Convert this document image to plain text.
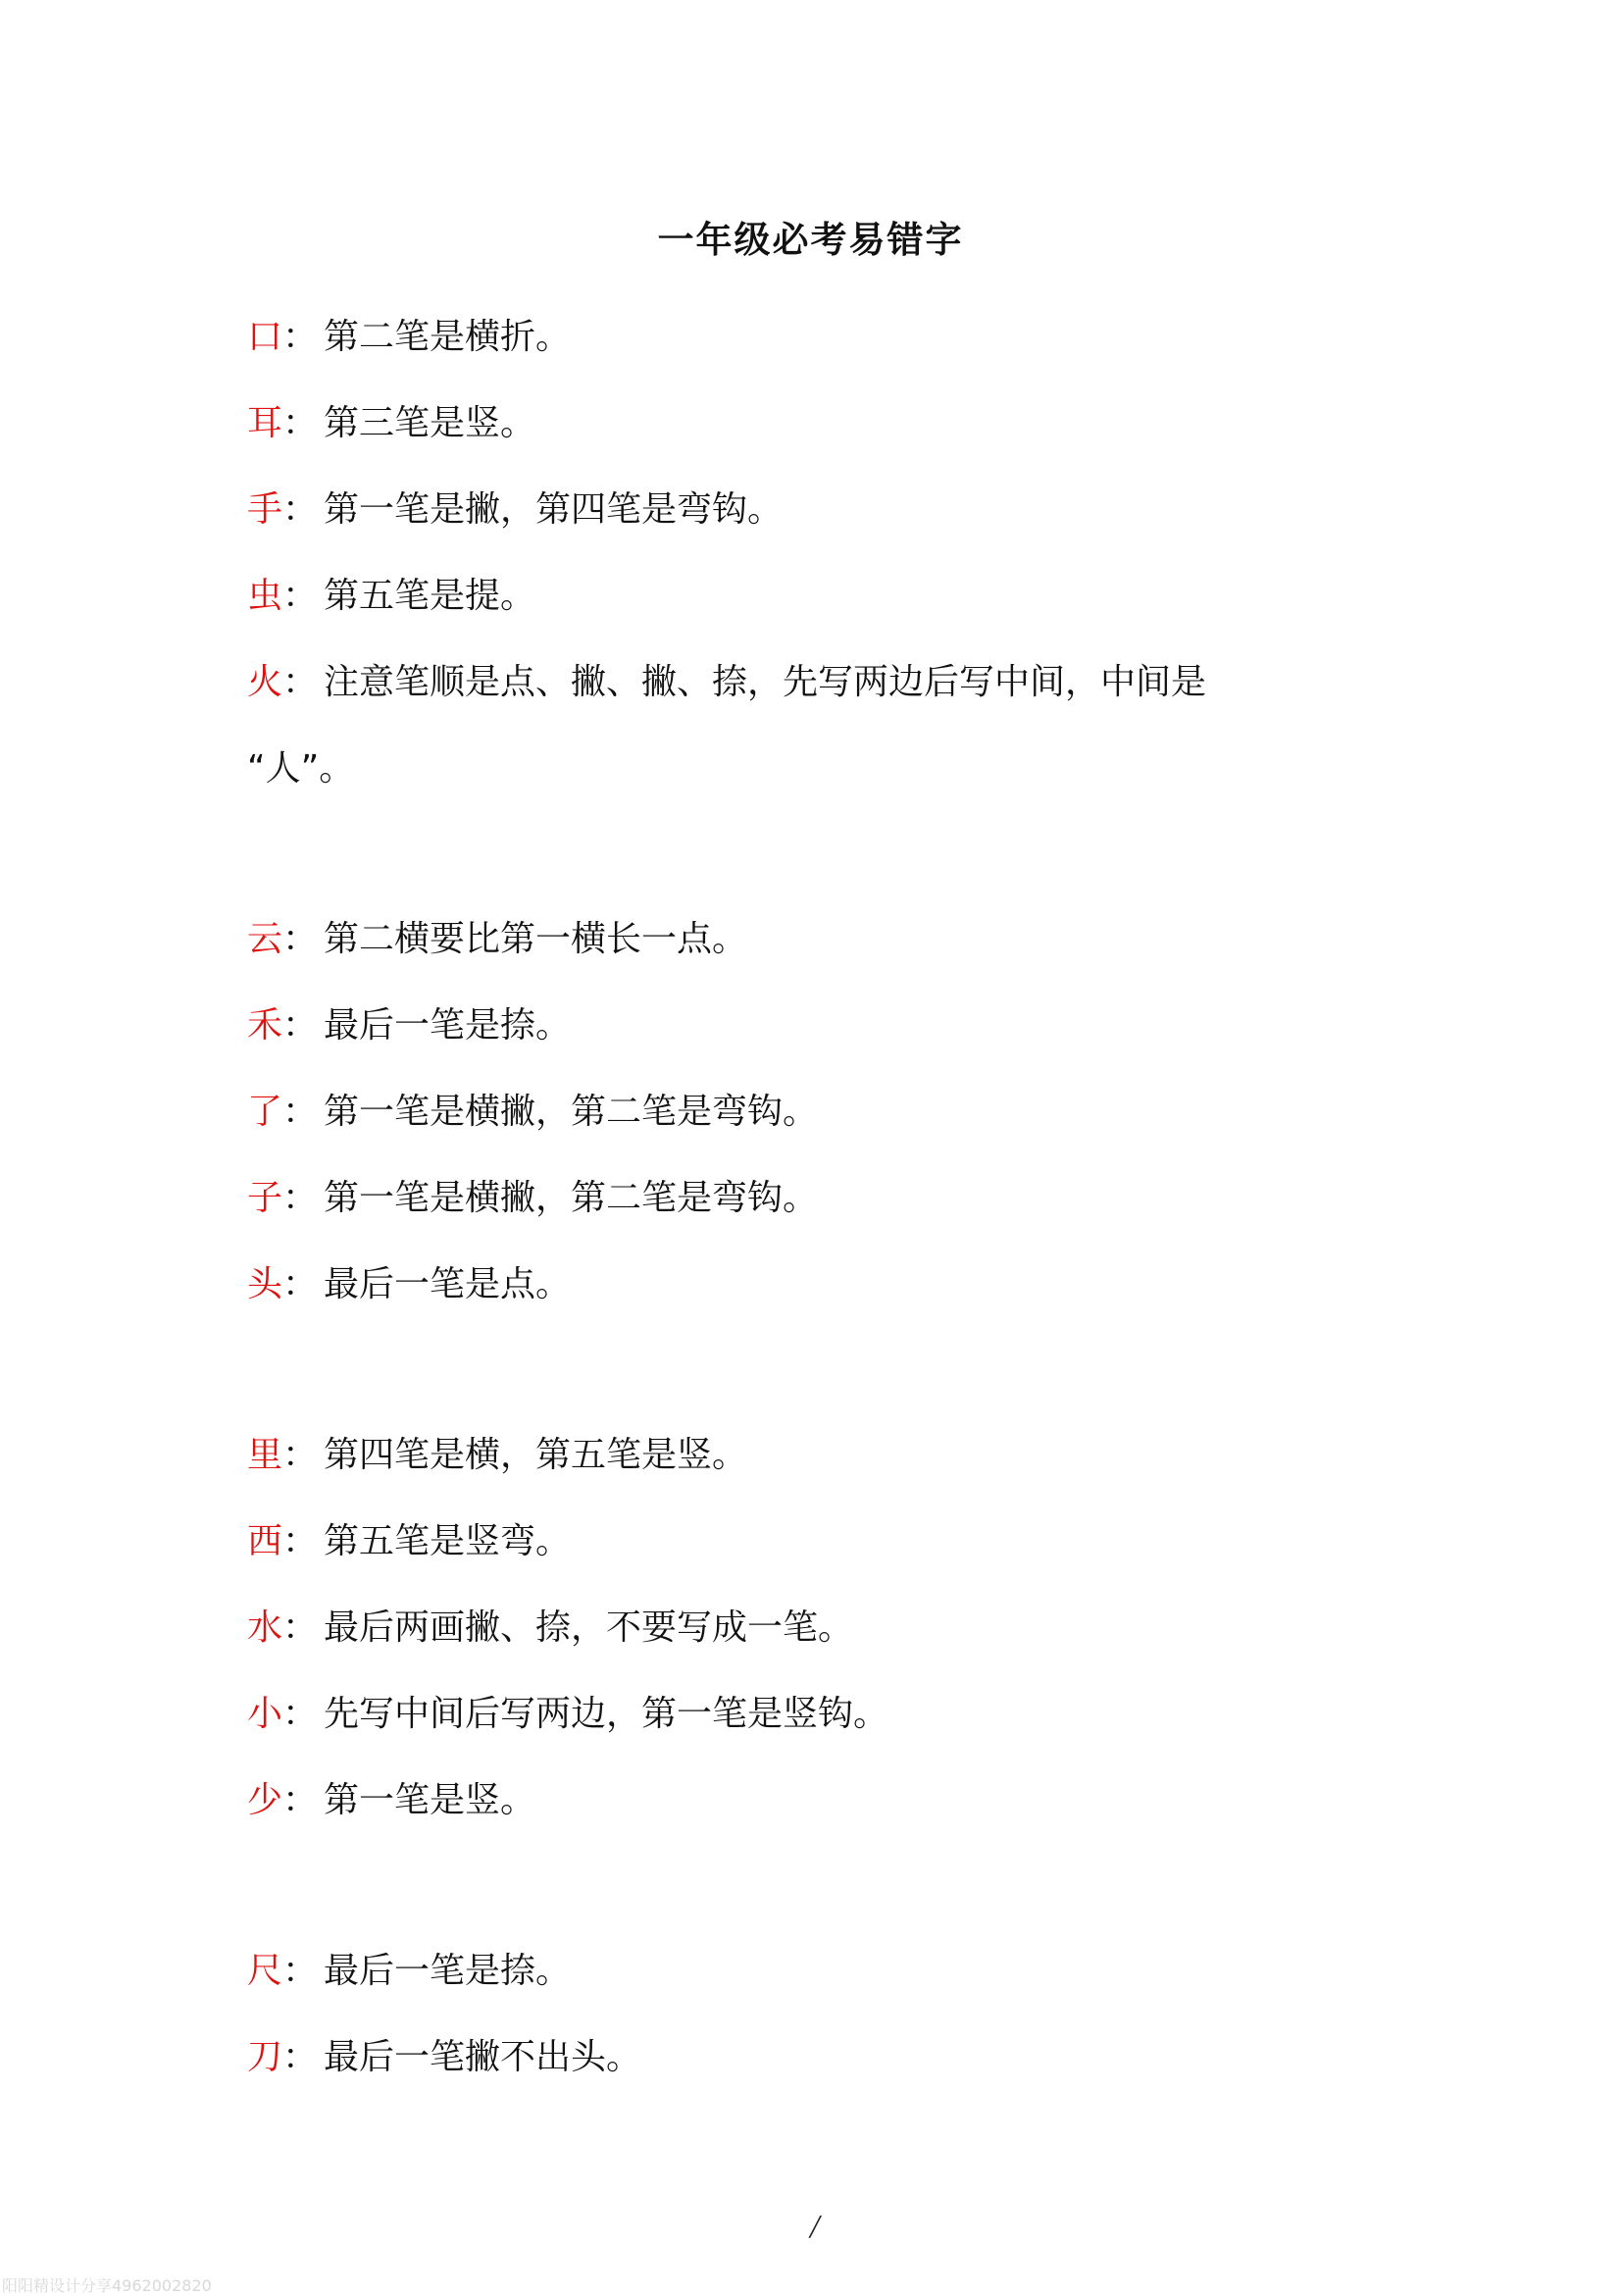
一年级必考易错字
口： 第二笔是横折。
耳： 第三笔是竖。
手： 第一笔是撇，第四笔是弯钩。
虫： 第五笔是提。
火： 注意笔顺是点、撇、撇、捺，先写两边后写中间，中间是
“人”。
云： 第二横要比第一横长一点。
禾： 最后一笔是捺。
了： 第一笔是横撇，第二笔是弯钩。
子： 第一笔是横撇，第二笔是弯钩。
头： 最后一笔是点。
里： 第四笔是横，第五笔是竖。
西： 第五笔是竖弯。
水： 最后两画撇、捺，不要写成一笔。
小： 先写中间后写两边，第一笔是竖钩。
少： 第一笔是竖。
尺： 最后一笔是捺。
刀： 最后一笔撇不出头。
/
阳阳精设计分享4962002820
